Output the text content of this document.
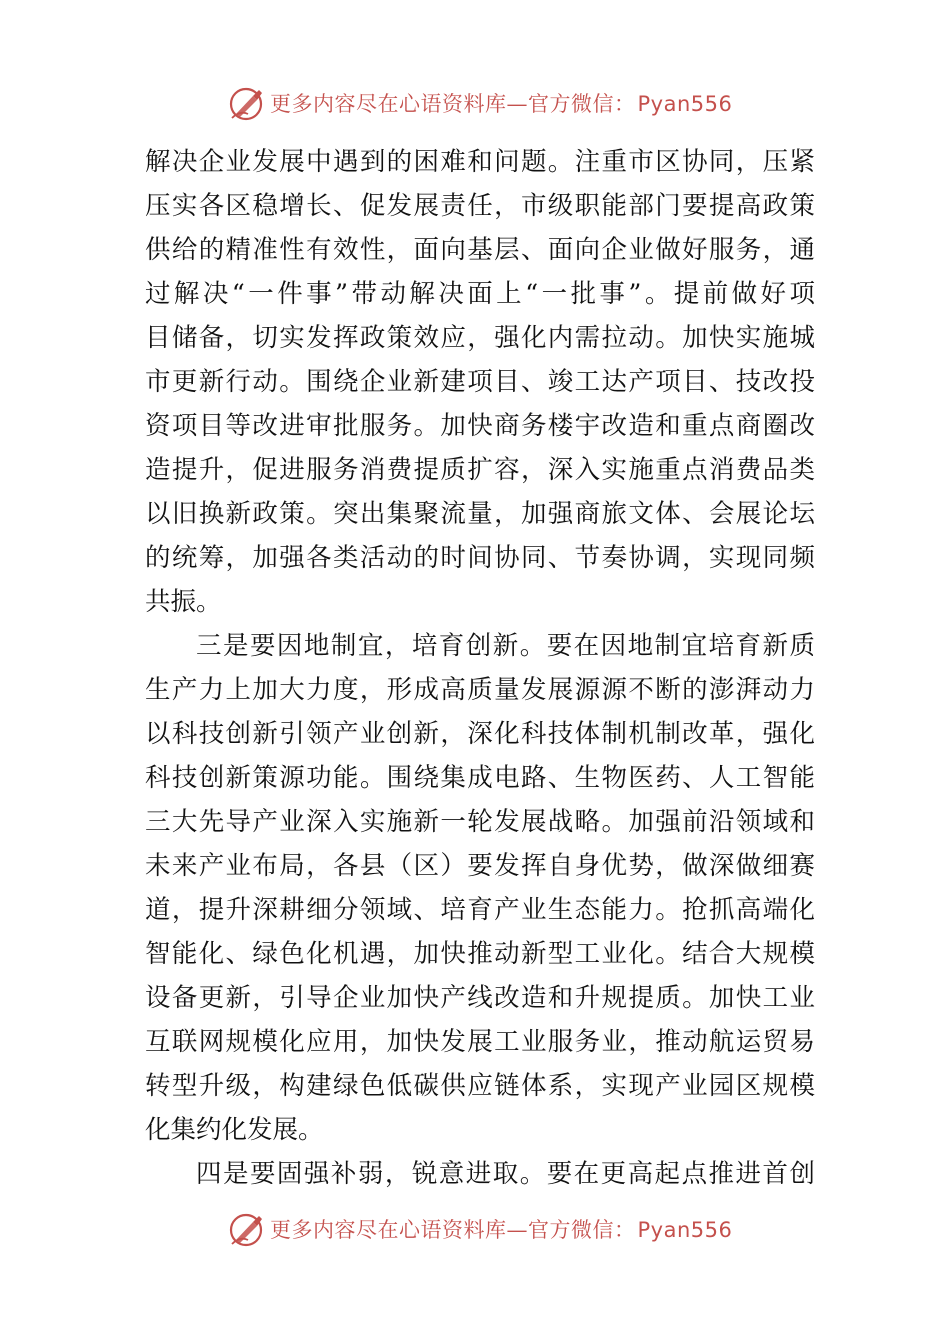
更多内容尽在心语资料库—官方微信：Pyan556
解决企业发展中遇到的困难和问题。注重市区协同，压紧
压实各区稳增长、促发展责任，市级职能部门要提高政策
供给的精准性有效性，面向基层、面向企业做好服务，通
过解决“一件事”带动解决面上“一批事”。提前做好项
目储备，切实发挥政策效应，强化内需拉动。加快实施城
市更新行动。围绕企业新建项目、竣工达产项目、技改投
资项目等改进审批服务。加快商务楼宇改造和重点商圈改
造提升，促进服务消费提质扩容，深入实施重点消费品类
以旧换新政策。突出集聚流量，加强商旅文体、会展论坛
的统筹，加强各类活动的时间协同、节奏协调，实现同频
共振。
三是要因地制宜，培育创新。要在因地制宜培育新质
生产力上加大力度，形成高质量发展源源不断的澎湃动力
以科技创新引领产业创新，深化科技体制机制改革，强化
科技创新策源功能。围绕集成电路、生物医药、人工智能
三大先导产业深入实施新一轮发展战略。加强前沿领域和
未来产业布局，各县（区）要发挥自身优势，做深做细赛
道，提升深耕细分领域、培育产业生态能力。抢抓高端化
智能化、绿色化机遇，加快推动新型工业化。结合大规模
设备更新，引导企业加快产线改造和升规提质。加快工业
互联网规模化应用，加快发展工业服务业，推动航运贸易
转型升级，构建绿色低碳供应链体系，实现产业园区规模
化集约化发展。
四是要固强补弱，锐意进取。要在更高起点推进首创
更多内容尽在心语资料库—官方微信：Pyan556
